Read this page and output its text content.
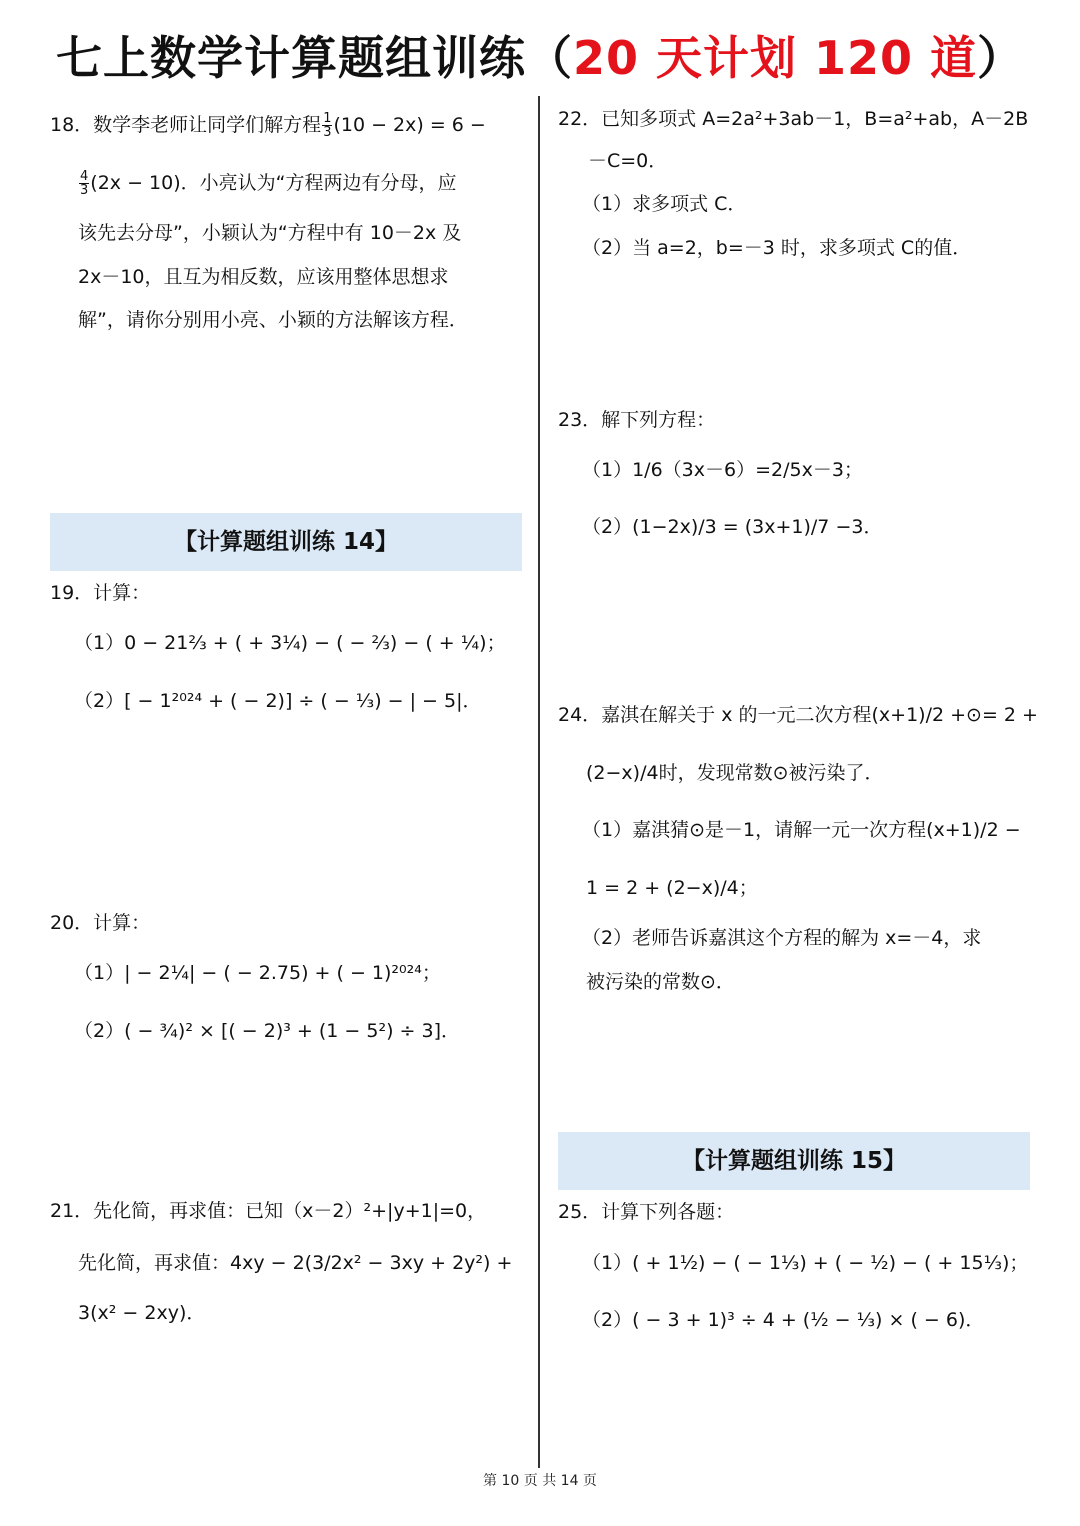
七上数学计算题组训练（20 天计划 120 道）
18．数学李老师让同学们解方程 $\frac{1}{3} (10 - 2x) = 6$ −
$\frac{4}{3} (2x - 10)$．小亮认为“方程两边有分母，应
该先去分母”，小颖认为“方程中有 10－2x 及
2x－10，且互为相反数，应该用整体思想求
解”，请你分别用小亮、小颖的方法解该方程．
【计算题组训练 14】
19．计算：
（1）0 − 21⅔ + ( + 3¼) − ( − ⅔) − ( + ¼)；
（2）[ − 1²⁰²⁴ + ( − 2)] ÷ ( − ⅓) − | − 5|．
20．计算：
（1）| − 2¼| − ( − 2.75) + ( − 1)²⁰²⁴；
（2）( − ¾)² × [( − 2)³ + (1 − 5²) ÷ 3]．
21．先化简，再求值：已知（x－2）²+|y+1|=0，
先化简，再求值：4xy − 2(3/2x² − 3xy + 2y²) +
3(x² − 2xy)．
22．已知多项式 A=2a²+3ab－1，B=a²+ab，A－2B
－C=0．
（1）求多项式 C．
（2）当 a=2，b=－3 时，求多项式 C的值．
23．解下列方程：
（1）1/6（3x－6）=2/5x－3；
（2）(1−2x)/3 = (3x+1)/7 −3．
24．嘉淇在解关于 x 的一元二次方程(x+1)/2 +⊙= 2 +
(2−x)/4时，发现常数⊙被污染了．
（1）嘉淇猜⊙是－1，请解一元一次方程(x+1)/2 −
1 = 2 + (2−x)/4；
（2）老师告诉嘉淇这个方程的解为 x=－4，求
被污染的常数⊙．
【计算题组训练 15】
25．计算下列各题：
（1）( + 1½) − ( − 1⅓) + ( − ½) − ( + 15⅓)；
（2）( − 3 + 1)³ ÷ 4 + (½ − ⅓) × ( − 6)．
第 10 页 共 14 页
